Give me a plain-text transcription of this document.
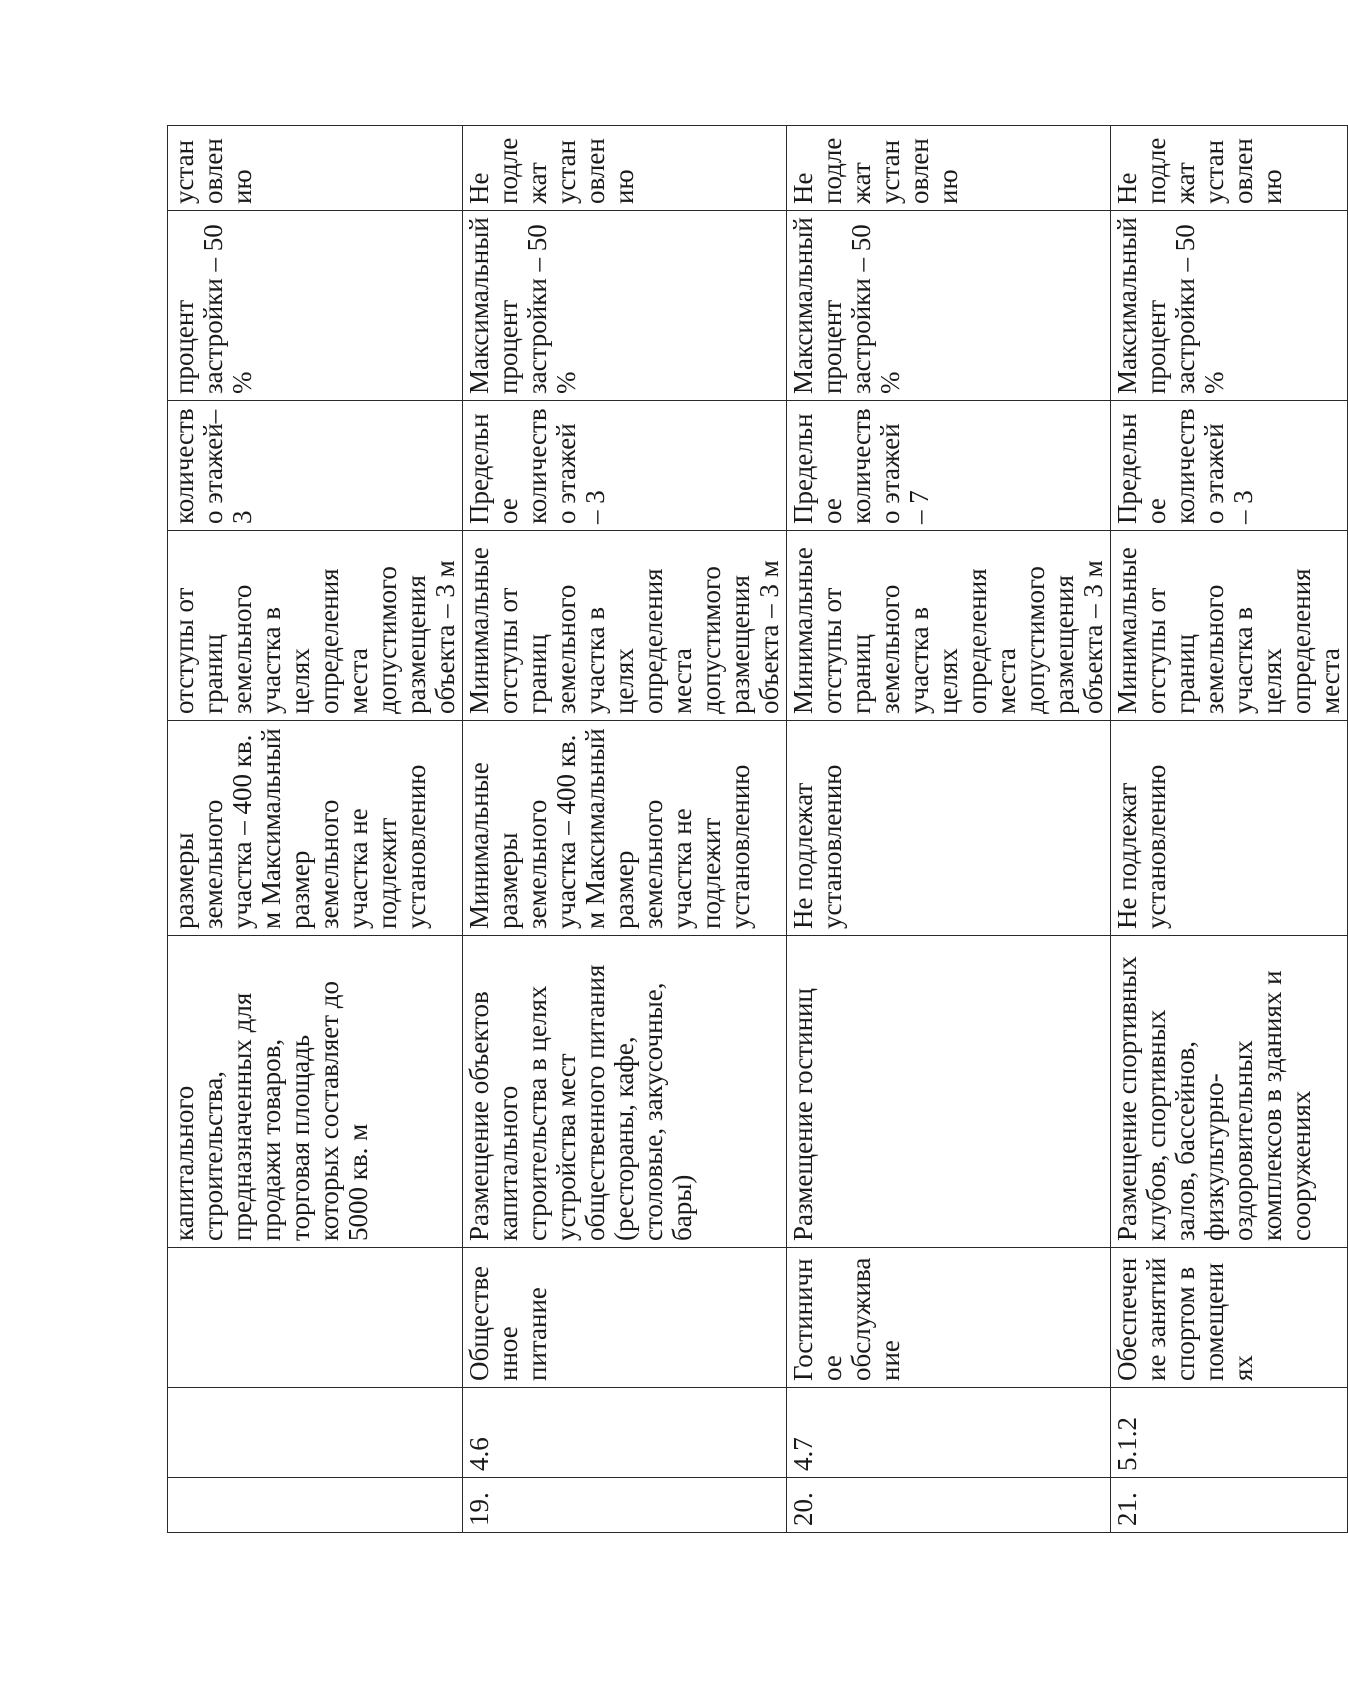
			капитального строительства, предназначенных для продажи товаров, торговая площадь которых составляет до 5000 кв. м	размеры земельного участка – 400 кв. м Максимальный размер земельного участка не подлежит установлению	отступы от границ земельного участка в целях определения места допустимого размещения объекта – 3 м	количество этажей– 3	процент застройки – 50 %	установлению
19.	4.6	Общественное питание	Размещение объектов капитального строительства в целях устройства мест общественного питания (рестораны, кафе, столовые, закусочные, бары)	Минимальные размеры земельного участка – 400 кв. м Максимальный размер земельного участка не подлежит установлению	Минимальные отступы от границ земельного участка в целях определения места допустимого размещения объекта – 3 м	Предельное количество этажей – 3	Максимальный процент застройки – 50 %	Не подлежат установлению
20.	4.7	Гостиничное обслуживание	Размещение гостиниц	Не подлежат установлению	Минимальные отступы от границ земельного участка в целях определения места допустимого размещения объекта – 3 м	Предельное количество этажей – 7	Максимальный процент застройки – 50 %	Не подлежат установлению
21.	5.1.2	Обеспечение занятий спортом в помещениях	Размещение спортивных клубов, спортивных залов, бассейнов, физкультурно-оздоровительных комплексов в зданиях и сооружениях	Не подлежат установлению	Минимальные отступы от границ земельного участка в целях определения места	Предельное количество этажей – 3	Максимальный процент застройки – 50 %	Не подлежат установлению
